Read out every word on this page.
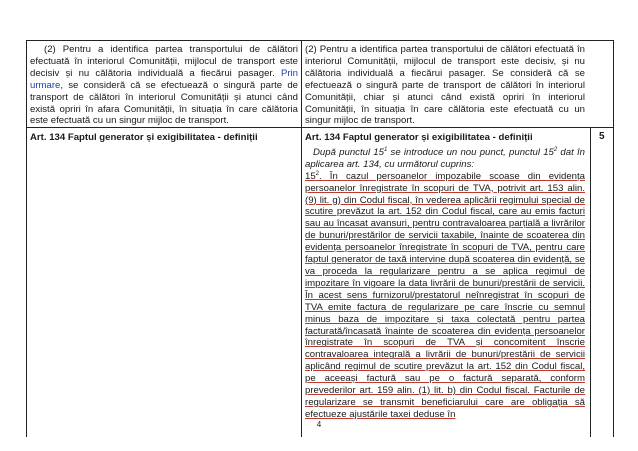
(2) Pentru a identifica partea transportului de călători efectuată în interiorul Comunității, mijlocul de transport este decisiv și nu călătoria individuală a fiecărui pasager. Prin urmare, se consideră că se efectuează o singură parte de transport de călători în interiorul Comunității și atunci când există opriri în afara Comunității, în situația în care călătoria este efectuată cu un singur mijloc de transport.

(2) Pentru a identifica partea transportului de călători efectuată în interiorul Comunității, mijlocul de transport este decisiv, și nu călătoria individuală a fiecărui pasager. Se consideră că se efectuează o singură parte de transport de călători în interiorul Comunității, chiar și atunci când există opriri în interiorul Comunității, în situația în care călătoria este efectuată cu un singur mijloc de transport.

Art. 134 Faptul generator și exigibilitatea - definiții	Art. 134 Faptul generator și exigibilitatea - definiții

După punctul $15^1$ se introduce un nou punct, punctul $15^2$ dat în aplicarea art. 134, cu următorul cuprins:

$15^2$. În cazul persoanelor impozabile scoase din evidența persoanelor înregistrate în scopuri de TVA, potrivit art. 153 alin. (9) lit. g) din Codul fiscal, în vederea aplicării regimului special de scutire prevăzut la art. 152 din Codul fiscal, care au emis facturi sau au încasat avansuri, pentru contravaloarea parțială a livrărilor de bunuri/prestărilor de servicii taxabile, înainte de scoaterea din evidența persoanelor înregistrate în scopuri de TVA, pentru care faptul generator de taxă intervine după scoaterea din evidență, se va proceda la regularizare pentru a se aplica regimul de impozitare în vigoare la data livrării de bunuri/prestării de servicii. În acest sens furnizorul/prestatorul neînregistrat în scopuri de TVA emite factura de regularizare pe care înscrie cu semnul minus baza de impozitare și taxa colectată pentru partea facturată/încasată înainte de scoaterea din evidența persoanelor înregistrate în scopuri de TVA și concomitent înscrie contravaloarea integrală a livrării de bunuri/prestării de servicii aplicând regimul de scutire prevăzut la art. 152 din Codul fiscal, pe aceeași factură sau pe o factură separată, conform prevederilor art. 159 alin. (1) lit. b) din Codul fiscal. Facturile de regularizare se transmit beneficiarului care are obligația să efectueze ajustările taxei deduse în

5
4
